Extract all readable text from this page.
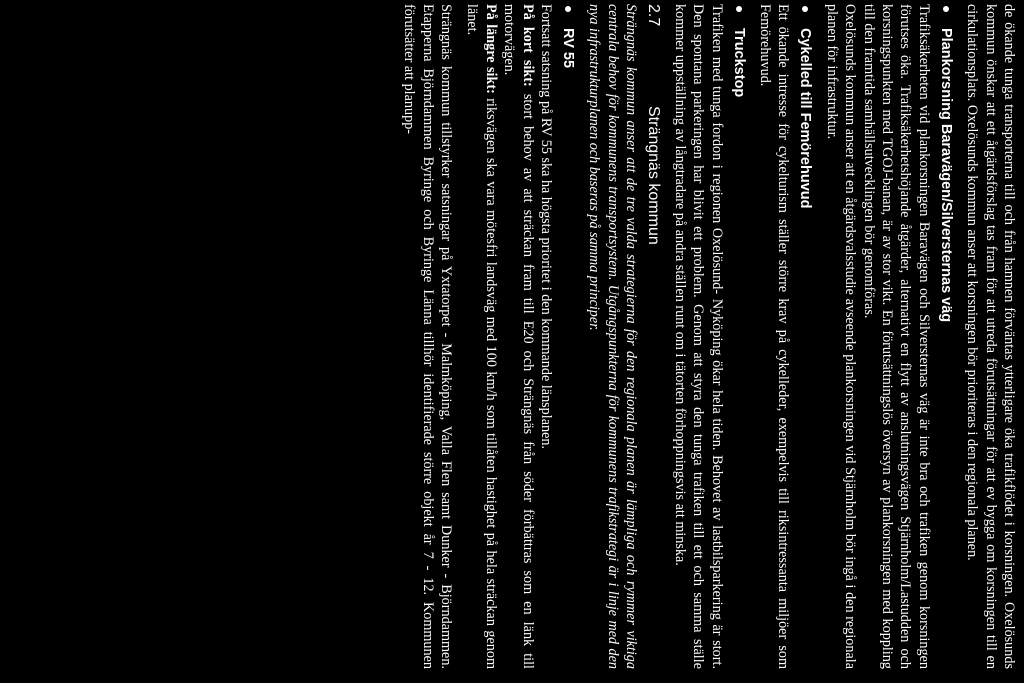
de ökande tunga transporterna till och från hamnen förväntas ytterligare öka trafikflödet i korsningen. Oxelösunds kommun önskar att ett åtgärdsförslag tas fram för att utreda förutsättningar för att ev bygga om korsningen till en cirkulationsplats. Oxelösunds kommun anser att korsningen bör prioriteras i den regionala planen.

Plankorsning Baravägen/Silversternas väg

Trafiksäkerheten vid plankorsningen Baravägen och Silversternas väg är inte bra och trafiken genom korsningen förutses öka. Trafiksäkerhetshöjande åtgärder, alternativt en flytt av anslutningsvägen Stjärnholm/Lastudden och korsningspunkten med TGOJ-banan, är av stor vikt. En förutsättningslös översyn av plankorsningen med koppling till den framtida samhällsutvecklingen bör genomföras.

Oxelösunds kommun anser att en åtgärdsvalsstudie avseende plankorsningen vid Stjärnholm bör ingå i den regionala planen för infrastruktur.

Cykelled till Femörehuvud

Ett ökande intresse för cykelturism ställer större krav på cykelleder, exempelvis till riksintressanta miljöer som Femörehuvud.

Truckstop

Trafiken med tunga fordon i regionen Oxelösund- Nyköping ökar hela tiden. Behovet av lastbilsparkering är stort. Den spontana parkeringen har blivit ett problem. Genom att styra den tunga trafiken till ett och samma ställe kommer uppställning av långtradare på andra ställen runt om i tätorten förhoppningsvis att minska.

2.7
Strängnäs kommun

Strängnäs kommun anser att de tre valda strategierna för den regionala planen är lämpliga och rymmer viktiga centrala behov för kommunens transportsystem. Utgångspunkterna för kommunens trafikstrategi är i linje med den nya infrastrukturplanen och baseras på samma principer.

RV 55

Fortsatt satsning på RV 55 ska ha högsta prioritet i den kommande länsplanen.

På kort sikt: stort behov av att sträckan fram till E20 och Strängnäs från söder förbättras som en länk till motorvägen.

På längre sikt: riksvägen ska vara mötesfri landsväg med 100 km/h som tillåten hastighet på hela sträckan genom länet.

Strängnäs kommun tillstyrker satsningar på Yxtatorpet - Malmköping, Valla Flen samt Dunker - Björndammen. Etapperna Björndammen Byringe och Byringe Länna tillhör identifierade större objekt år 7 - 12. Kommunen förutsätter att planupp-
